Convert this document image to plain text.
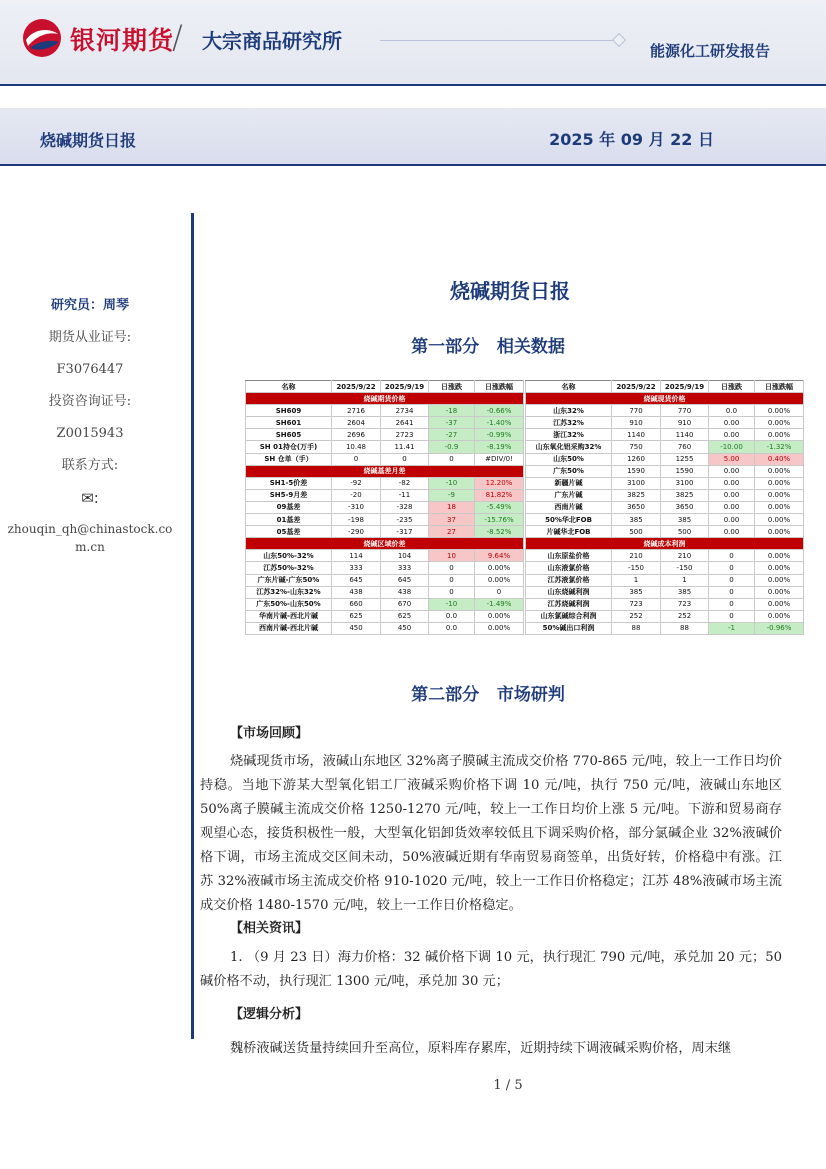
银河期货
/ 大宗商品研究所	能源化工研发报告
烧碱期货日报	2025 年 09 月 22 日
研究员：周琴
期货从业证号:
F3076447
投资咨询证号:
Z0015943
联系方式:
✉:
zhouqin_qh@chinastock.com.cn
烧碱期货日报
第一部分   相关数据
名称	2025/9/22	2025/9/19	日涨跌	日涨跌幅
烧碱期货价格				
SH609	2716	2734	-18	-0.66%
SH601	2604	2641	-37	-1.40%
SH605	2696	2723	-27	-0.99%
SH 01持仓(万手)	10.48	11.41	-0.9	-8.19%
SH 仓单（手）	0	0	0	#DIV/0!
烧碱基差月差				
SH1-5价差	-92	-82	-10	12.20%
SH5-9月差	-20	-11	-9	81.82%
09基差	-310	-328	18	-5.49%
01基差	-198	-235	37	-15.76%
05基差	-290	-317	27	-8.52%
烧碱区域价差				
山东50%-32%	114	104	10	9.64%
江苏50%-32%	333	333	0	0.00%
广东片碱-广东50%	645	645	0	0.00%
江苏32%-山东32%	438	438	0	0
广东50%-山东50%	660	670	-10	-1.49%
华南片碱-西北片碱	625	625	0.0	0.00%
西南片碱-西北片碱	450	450	0.0	0.00%
名称	2025/9/22	2025/9/19	日涨跌	日涨跌幅
烧碱现货价格				
山东32%	770	770	0.0	0.00%
江苏32%	910	910	0.00	0.00%
浙江32%	1140	1140	0.00	0.00%
山东氧化铝采购32%	750	760	-10.00	-1.32%
山东50%	1260	1255	5.00	0.40%
广东50%	1590	1590	0.00	0.00%
新疆片碱	3100	3100	0.00	0.00%
广东片碱	3825	3825	0.00	0.00%
西南片碱	3650	3650	0.00	0.00%
50%华北FOB	385	385	0.00	0.00%
片碱华北FOB	500	500	0.00	0.00%
烧碱成本利润				
山东原盐价格	210	210	0	0.00%
山东液氯价格	-150	-150	0	0.00%
江苏液氯价格	1	1	0	0.00%
山东烧碱利润	385	385	0	0.00%
江苏烧碱利润	723	723	0	0.00%
山东氯碱综合利润	252	252	0	0.00%
50%碱出口利润	88	88	-1	-0.96%
第二部分   市场研判
【市场回顾】
烧碱现货市场，液碱山东地区 32%离子膜碱主流成交价格 770-865 元/吨，较上一工作日均价持稳。当地下游某大型氧化铝工厂液碱采购价格下调 10 元/吨，执行 750 元/吨，液碱山东地区 50%离子膜碱主流成交价格 1250-1270 元/吨，较上一工作日均价上涨 5 元/吨。下游和贸易商存观望心态，接货积极性一般，大型氧化铝卸货效率较低且下调采购价格，部分氯碱企业 32%液碱价格下调，市场主流成交区间未动，50%液碱近期有华南贸易商签单，出货好转，价格稳中有涨。江苏 32%液碱市场主流成交价格 910-1020 元/吨，较上一工作日价格稳定；江苏 48%液碱市场主流成交价格 1480-1570 元/吨，较上一工作日价格稳定。
【相关资讯】
1. （9 月 23 日）海力价格：32 碱价格下调 10 元，执行现汇 790 元/吨，承兑加 20 元；50 碱价格不动，执行现汇 1300 元/吨，承兑加 30 元；
【逻辑分析】
魏桥液碱送货量持续回升至高位，原料库存累库，近期持续下调液碱采购价格，周末继
1 / 5
